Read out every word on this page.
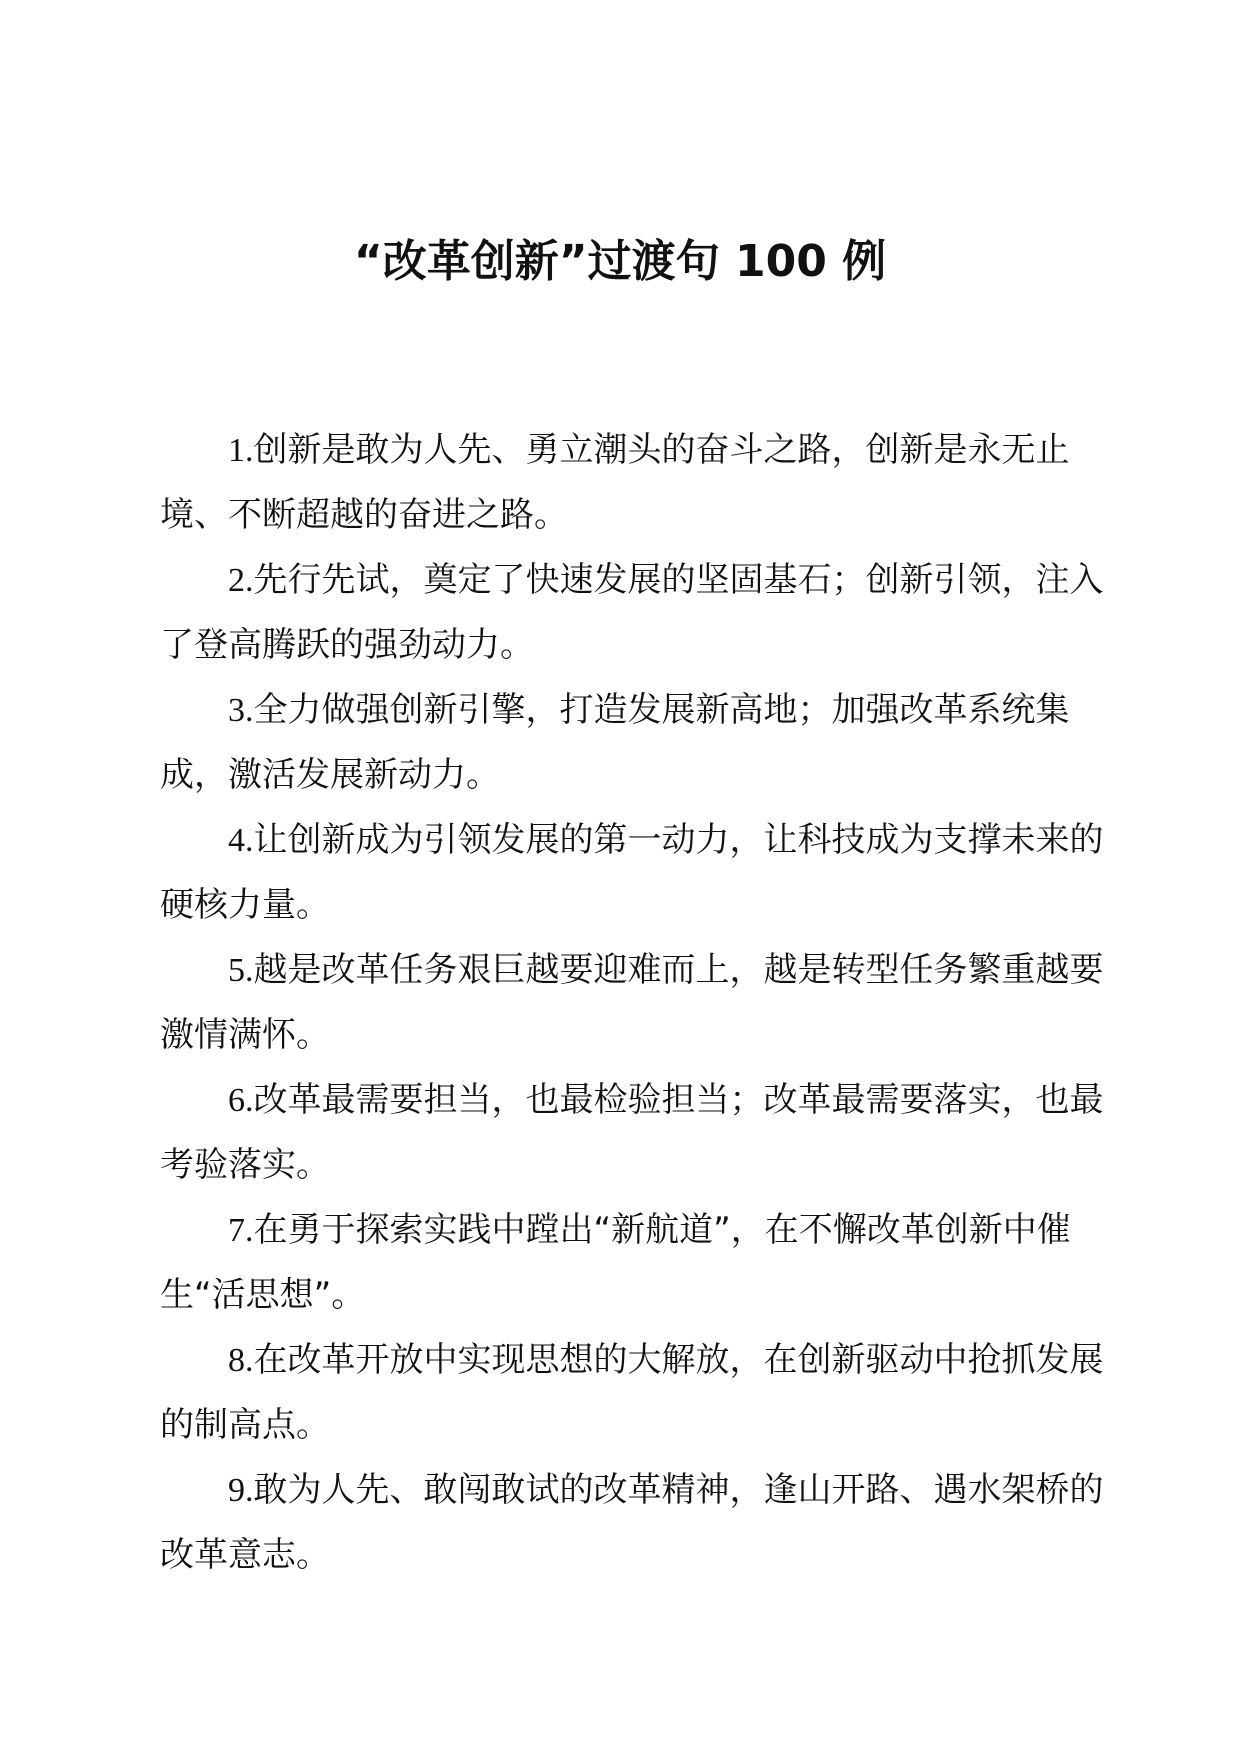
“改革创新”过渡句 100 例

1.创新是敢为人先、勇立潮头的奋斗之路，创新是永无止境、不断超越的奋进之路。

2.先行先试，奠定了快速发展的坚固基石；创新引领，注入了登高腾跃的强劲动力。

3.全力做强创新引擎，打造发展新高地；加强改革系统集成，激活发展新动力。

4.让创新成为引领发展的第一动力，让科技成为支撑未来的硬核力量。

5.越是改革任务艰巨越要迎难而上，越是转型任务繁重越要激情满怀。

6.改革最需要担当，也最检验担当；改革最需要落实，也最考验落实。

7.在勇于探索实践中蹚出“新航道”，在不懈改革创新中催生“活思想”。

8.在改革开放中实现思想的大解放，在创新驱动中抢抓发展的制高点。

9.敢为人先、敢闯敢试的改革精神，逢山开路、遇水架桥的改革意志。
